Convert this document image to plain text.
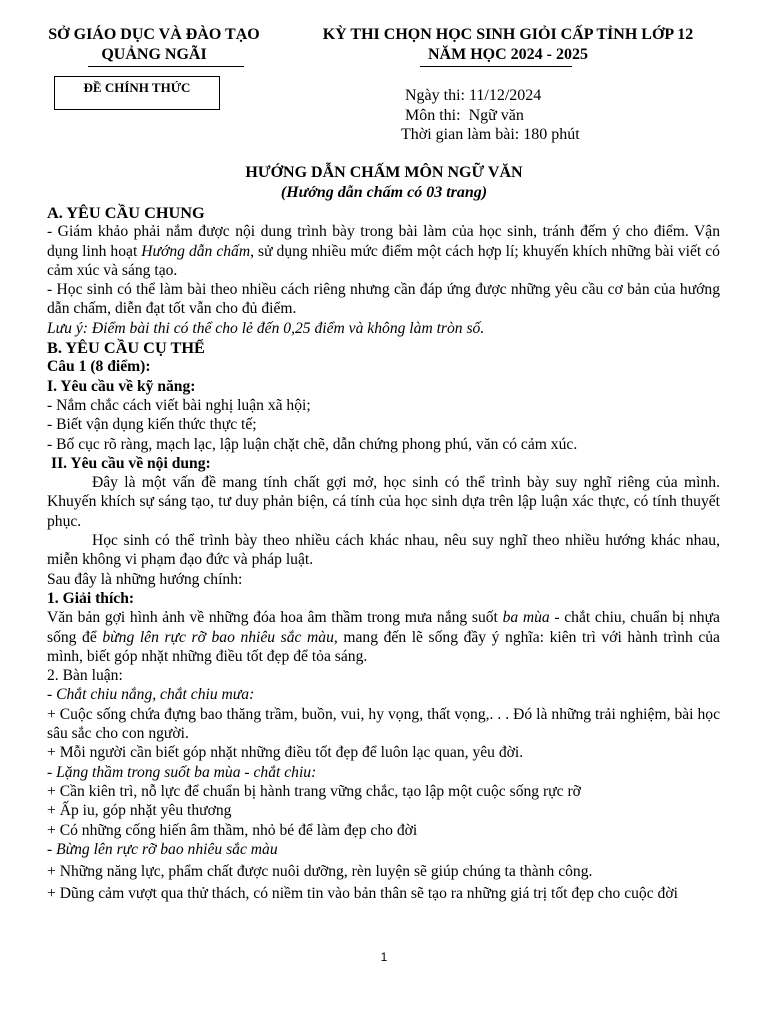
SỞ GIÁO DỤC VÀ ĐÀO TẠO
QUẢNG NGÃI
KỲ THI CHỌN HỌC SINH GIỎI CẤP TỈNH LỚP 12
NĂM HỌC 2024 - 2025
ĐỀ CHÍNH THỨC	Ngày thi: 11/12/2024
Môn thi:  Ngữ văn
Thời gian làm bài: 180 phút
HƯỚNG DẪN CHẤM MÔN NGỮ VĂN
(Hướng dẫn chấm có 03 trang)

A. YÊU CẦU CHUNG

- Giám khảo phải nắm được nội dung trình bày trong bài làm của học sinh, tránh đếm ý cho điểm. Vận dụng linh hoạt Hướng dẫn chấm, sử dụng nhiều mức điểm một cách hợp lí; khuyến khích những bài viết có cảm xúc và sáng tạo.

- Học sinh có thể làm bài theo nhiều cách riêng nhưng cần đáp ứng được những yêu cầu cơ bản của hướng dẫn chấm, diễn đạt tốt vẫn cho đủ điểm.

Lưu ý: Điểm bài thi có thể cho lẻ đến 0,25 điểm và không làm tròn số.

B. YÊU CẦU CỤ THỂ

Câu 1 (8 điểm):

I. Yêu cầu về kỹ năng:

- Nắm chắc cách viết bài nghị luận xã hội;

- Biết vận dụng kiến thức thực tế;

- Bố cục rõ ràng, mạch lạc, lập luận chặt chẽ, dẫn chứng phong phú, văn có cảm xúc.

II. Yêu cầu về nội dung:

Đây là một vấn đề mang tính chất gợi mở, học sinh có thể trình bày suy nghĩ riêng của mình. Khuyến khích sự sáng tạo, tư duy phản biện, cá tính của học sinh dựa trên lập luận xác thực, có tính thuyết phục.

Học sinh có thể trình bày theo nhiều cách khác nhau, nêu suy nghĩ theo nhiều hướng khác nhau, miễn không vi phạm đạo đức và pháp luật.

Sau đây là những hướng chính:

1. Giải thích:

Văn bản gợi hình ảnh về những đóa hoa âm thầm trong mưa nắng suốt ba mùa - chắt chiu, chuẩn bị nhựa sống để bừng lên rực rỡ bao nhiêu sắc màu, mang đến lẽ sống đầy ý nghĩa: kiên trì với hành trình của mình, biết góp nhặt những điều tốt đẹp để tỏa sáng.

2. Bàn luận:

- Chắt chiu nắng, chắt chiu mưa:

+ Cuộc sống chứa đựng bao thăng trầm, buồn, vui, hy vọng, thất vọng,. . . Đó là những trải nghiệm, bài học sâu sắc cho con người.

+ Mỗi người cần biết góp nhặt những điều tốt đẹp để luôn lạc quan, yêu đời.

- Lặng thầm trong suốt ba mùa - chắt chiu:

+ Cần kiên trì, nỗ lực để chuẩn bị hành trang vững chắc, tạo lập một cuộc sống rực rỡ

+ Ấp iu, góp nhặt yêu thương

+ Có những cống hiến âm thầm, nhỏ bé để làm đẹp cho đời

- Bừng lên rực rỡ bao nhiêu sắc màu

+ Những năng lực, phẩm chất được nuôi dưỡng, rèn luyện sẽ giúp chúng ta thành công.

+ Dũng cảm vượt qua thử thách, có niềm tin vào bản thân sẽ tạo ra những giá trị tốt đẹp cho cuộc đời

1
